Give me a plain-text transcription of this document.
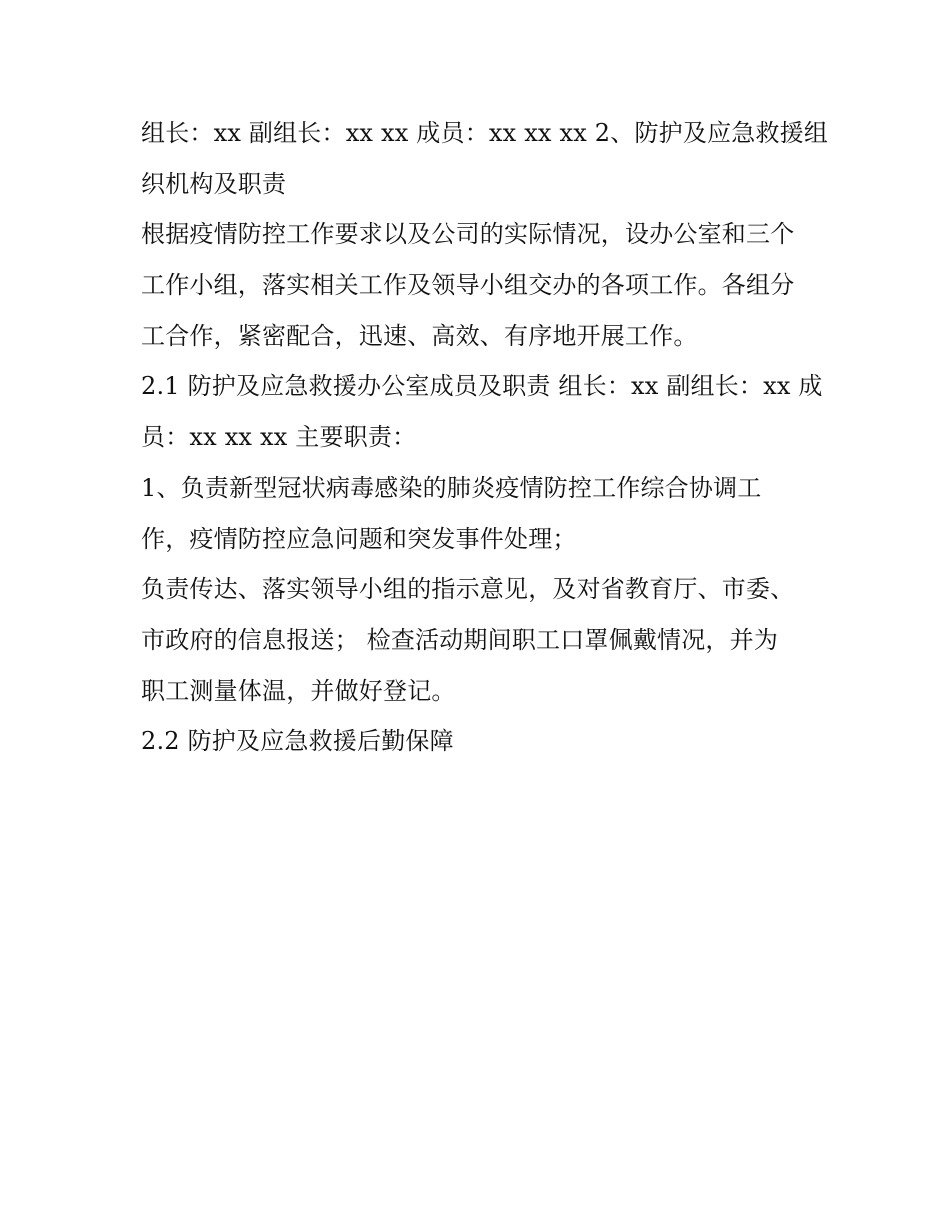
组长：xx 副组长：xx xx 成员：xx xx xx 2、防护及应急救援组
织机构及职责
根据疫情防控工作要求以及公司的实际情况，设办公室和三个
工作小组，落实相关工作及领导小组交办的各项工作。各组分
工合作，紧密配合，迅速、高效、有序地开展工作。
2.1 防护及应急救援办公室成员及职责 组长：xx 副组长：xx 成
员：xx xx xx 主要职责：
1、负责新型冠状病毒感染的肺炎疫情防控工作综合协调工
作，疫情防控应急问题和突发事件处理；
负责传达、落实领导小组的指示意见，及对省教育厅、市委、
市政府的信息报送； 检查活动期间职工口罩佩戴情况，并为
职工测量体温，并做好登记。
2.2 防护及应急救援后勤保障
